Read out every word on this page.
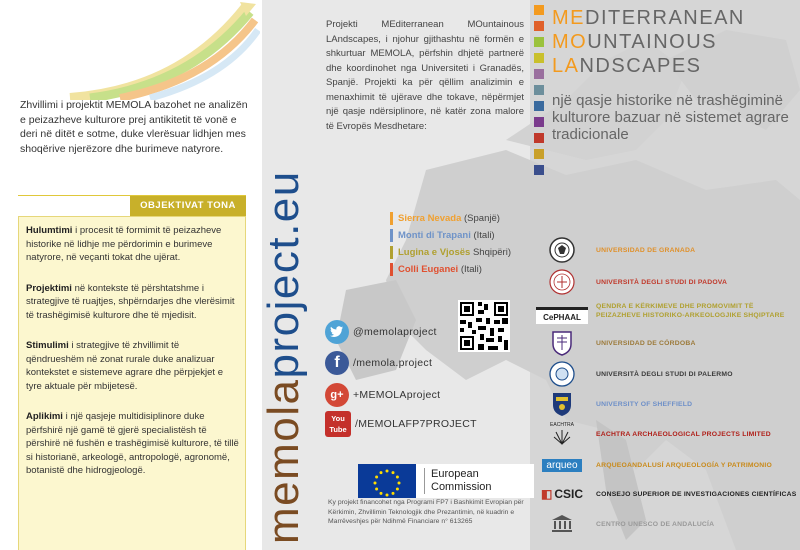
Zhvillimi i projektit MEMOLA bazohet ne analizën e peizazheve kulturore prej antikitetit të vonë e deri në ditët e sotme, duke vlerësuar lidhjen mes shoqërive njerëzore dhe burimeve natyrore.
OBJEKTIVAT TONA
Hulumtimi i procesit të formimit të peizazheve historike në lidhje me përdorimin e burimeve natyrore, në veçanti tokat dhe ujërat.
Projektimi në kontekste të përshtatshme i strategjive të ruajtjes, shpërndarjes dhe vlerësimit të trashëgimisë kulturore dhe të mjedisit.
Stimulimi i strategjive të zhvillimit të qëndrueshëm në zonat rurale duke analizuar kontekstet e sistemeve agrare dhe përpjekjet e tyre aktuale për mbijetesë.
Aplikimi i një qasjeje multidisiplinore duke përfshirë një gamë të gjerë specialistësh të përshirë në fushën e trashëgimisë kulturore, të tillë si historianë, arkeologë, antropologë, agronomë, botanistë dhe hidrogjeologë.	memolaproject.eu
Projekti MEditerranean MOuntainous LAndscapes, i njohur gjithashtu në formën e shkurtuar MEMOLA, përfshin dhjetë partnerë dhe koordinohet nga Universiteti i Granadës, Spanjë. Projekti ka për qëllim analizimin e menaxhimit të ujërave dhe tokave, nëpërmjet një qasje ndërsiplinore, në katër zona malore të Evropës Mesdhetare:
Sierra Nevada (Spanjë)
Monti di Trapani (Itali)
Lugina e Vjosës Shqipëri)
Colli Euganei (Itali)
@memolaproject
f	/memola.project
g+ +MEMOLAproject
You
Tube /MEMOLAFP7PROJECT
European
Commission
Ky projekt financohet nga Programi FP7 i Bashkimit Evropian për Kërkimin, Zhvillimin Teknologjik dhe Prezantimin, në kuadrin e Marrëveshjes për Ndihmë Financiare n° 613265
MEDITERRANEAN
MOUNTAINOUS
LANDSCAPES
një qasje historike në trashëgiminë kulturore bazuar në sistemet agrare tradicionale
UNIVERSIDAD DE GRANADA
UNIVERSITÀ DEGLI STUDI DI PADOVA
CePHAAL
QENDRA E KËRKIMEVE DHE PROMOVIMIT TË PEIZAZHEVE HISTORIKO-ARKEOLOGJIKE SHQIPTARE
UNIVERSIDAD DE CÓRDOBA
UNIVERSITÀ DEGLI STUDI DI PALERMO
UNIVERSITY OF SHEFFIELD
EACHTRA
EACHTRA ARCHAEOLOGICAL PROJECTS LIMITED
arqueo	ARQUEOANDALUSÍ ARQUEOLOGÍA Y PATRIMONIO
◧ CSIC CONSEJO SUPERIOR DE INVESTIGACIONES CIENTÍFICAS
CENTRO UNESCO DE ANDALUCÍA
